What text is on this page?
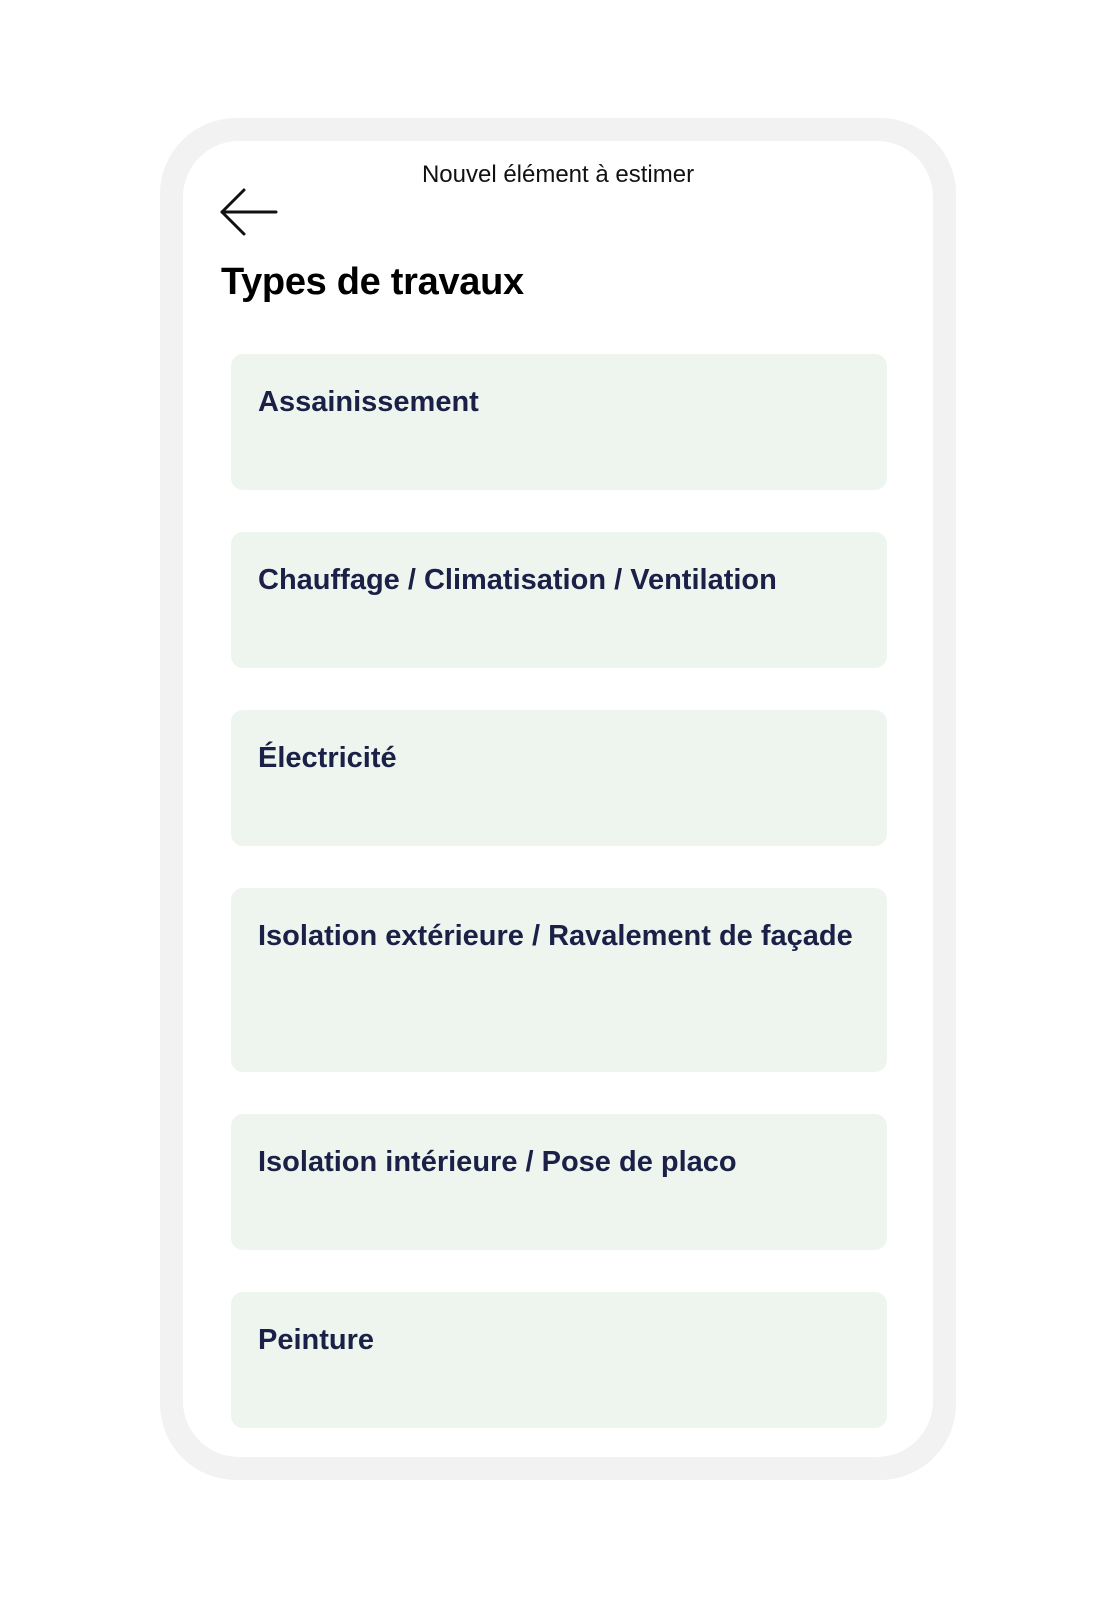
Nouvel élément à estimer
Types de travaux
Assainissement
Chauffage / Climatisation / Ventilation
Électricité
Isolation extérieure / Ravalement de façade
Isolation intérieure / Pose de placo
Peinture
